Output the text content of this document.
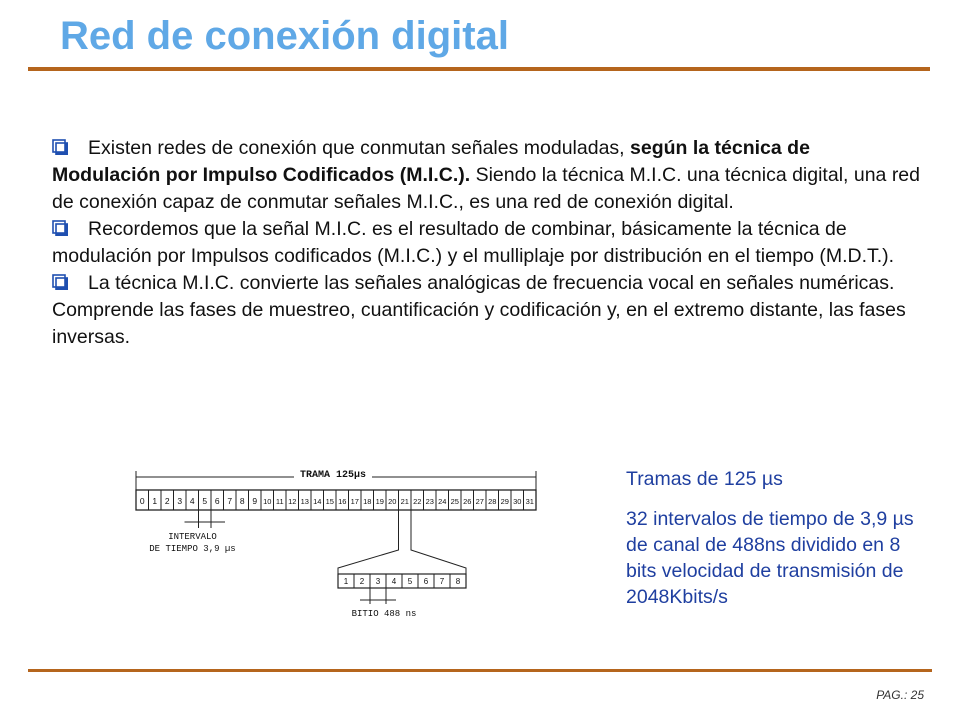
Red de conexión digital

Existen redes de conexión que conmutan señales moduladas, según la técnica de Modulación por Impulso Codificados (M.I.C.). Siendo la técnica M.I.C. una técnica digital, una red de conexión capaz de conmutar señales M.I.C., es una red de conexión digital.

Recordemos que la señal M.I.C. es el resultado de combinar, básicamente la técnica de modulación por Impulsos codificados (M.I.C.) y el mulliplaje por distribución en el tiempo (M.D.T.).

La técnica M.I.C. convierte las señales analógicas de frecuencia vocal en señales numéricas. Comprende las fases de muestreo, cuantificación y codificación y, en el extremo distante, las fases inversas.

TRAMA 125µs
0 1 2 3 4 5 6 7 8 9 10 11 12 13 14 15 16 17 18 19 20 21 22 23 24 25 26 27 28 29 30 31
INTERVALO
DE TIEMPO 3,9 µs
1 2 3 4 5 6 7 8
BITIO 488 ns

Tramas de 125 µs

32 intervalos de tiempo de 3,9 µs de canal de 488ns dividido en 8 bits velocidad de transmisión de 2048Kbits/s

PAG.: 25
